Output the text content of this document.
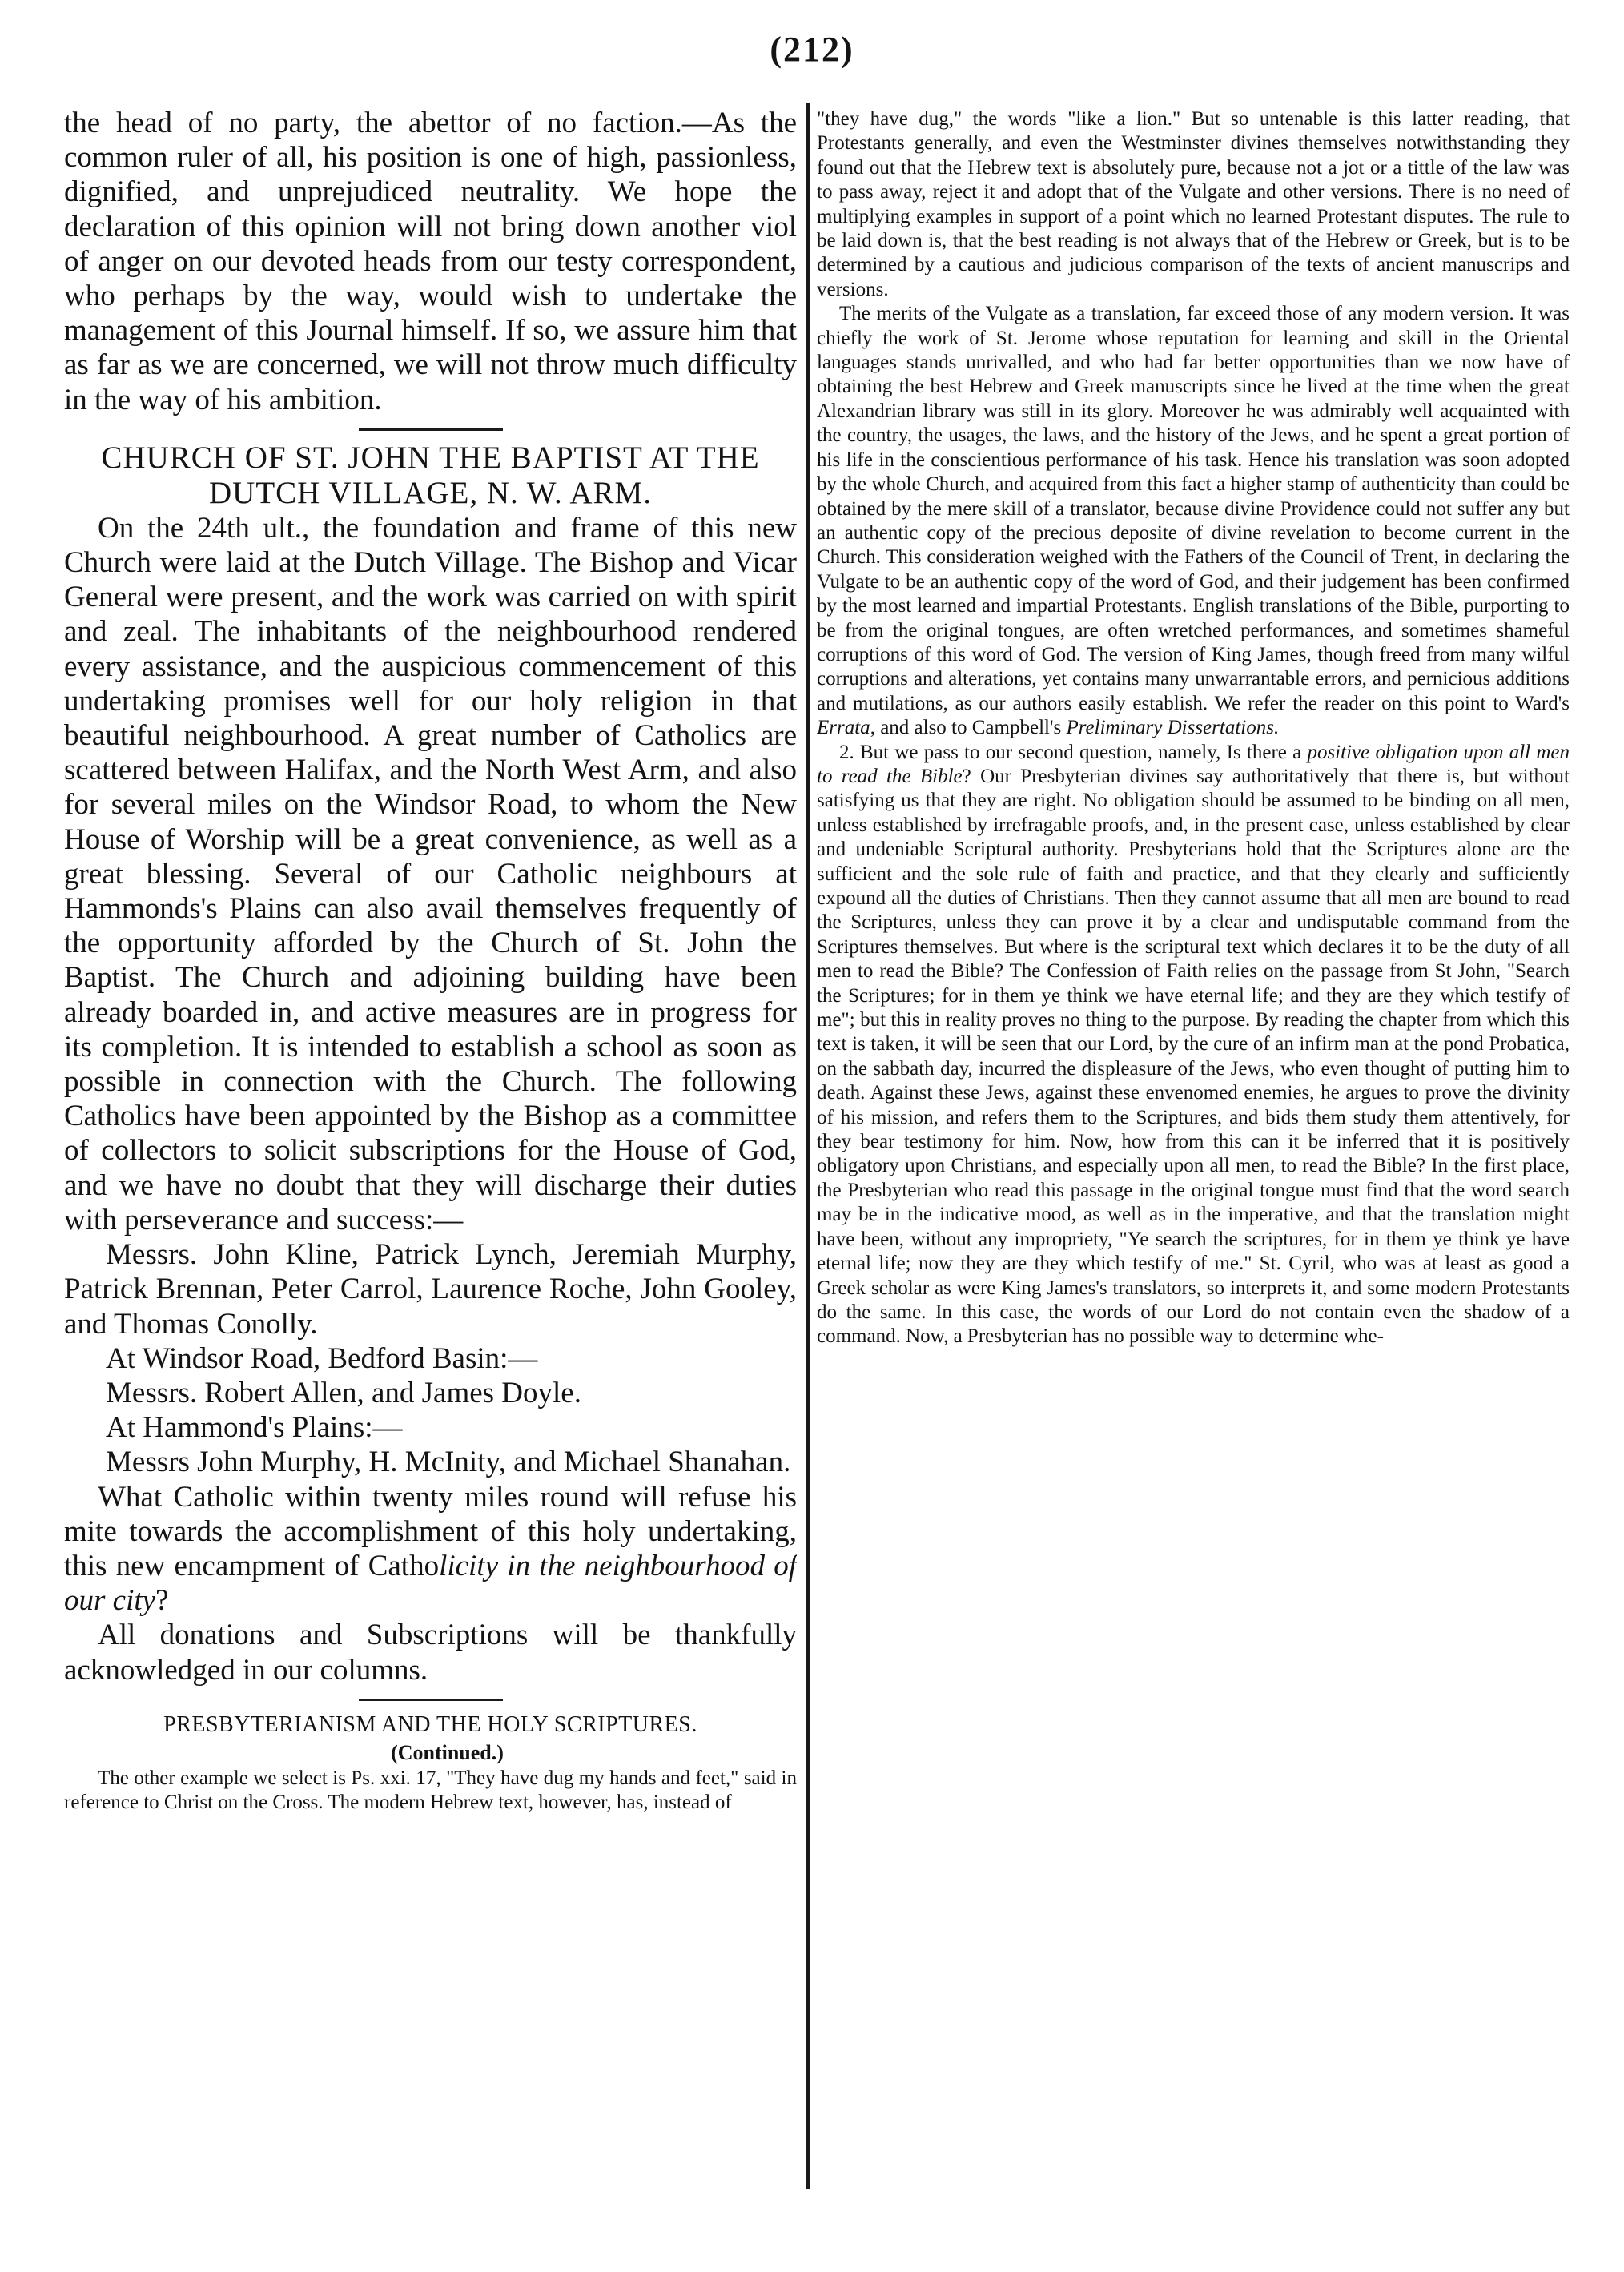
(212)

the head of no party, the abettor of no faction.—As the common ruler of all, his position is one of high, passionless, dignified, and unprejudiced neutrality. We hope the declaration of this opinion will not bring down another viol of anger on our devoted heads from our testy correspondent, who perhaps by the way, would wish to undertake the management of this Journal himself. If so, we assure him that as far as we are concerned, we will not throw much difficulty in the way of his ambition.

CHURCH OF ST. JOHN THE BAPTIST AT THE DUTCH VILLAGE, N. W. ARM.

On the 24th ult., the foundation and frame of this new Church were laid at the Dutch Village. The Bishop and Vicar General were present, and the work was carried on with spirit and zeal. The inhabitants of the neighbourhood rendered every assistance, and the auspicious commencement of this undertaking promises well for our holy religion in that beautiful neighbourhood. A great number of Catholics are scattered between Halifax, and the North West Arm, and also for several miles on the Windsor Road, to whom the New House of Worship will be a great convenience, as well as a great blessing. Several of our Catholic neighbours at Hammonds's Plains can also avail themselves frequently of the opportunity afforded by the Church of St. John the Baptist. The Church and adjoining building have been already boarded in, and active measures are in progress for its completion. It is intended to establish a school as soon as possible in connection with the Church. The following Catholics have been appointed by the Bishop as a committee of collectors to solicit subscriptions for the House of God, and we have no doubt that they will discharge their duties with perseverance and success:—

Messrs. John Kline, Patrick Lynch, Jeremiah Murphy, Patrick Brennan, Peter Carrol, Laurence Roche, John Gooley, and Thomas Conolly.

At Windsor Road, Bedford Basin:—

Messrs. Robert Allen, and James Doyle.

At Hammond's Plains:—

Messrs John Murphy, H. McInity, and Michael Shanahan.

What Catholic within twenty miles round will refuse his mite towards the accomplishment of this holy undertaking, this new encampment of Catholicity in the neighbourhood of our city?

All donations and Subscriptions will be thankfully acknowledged in our columns.

PRESBYTERIANISM AND THE HOLY SCRIPTURES.

(Continued.)

The other example we select is Ps. xxi. 17, "They have dug my hands and feet," said in reference to Christ on the Cross. The modern Hebrew text, however, has, instead of

"they have dug," the words "like a lion." But so untenable is this latter reading, that Protestants generally, and even the Westminster divines themselves notwithstanding they found out that the Hebrew text is absolutely pure, because not a jot or a tittle of the law was to pass away, reject it and adopt that of the Vulgate and other versions. There is no need of multiplying examples in support of a point which no learned Protestant disputes. The rule to be laid down is, that the best reading is not always that of the Hebrew or Greek, but is to be determined by a cautious and judicious comparison of the texts of ancient manuscrips and versions.

The merits of the Vulgate as a translation, far exceed those of any modern version. It was chiefly the work of St. Jerome whose reputation for learning and skill in the Oriental languages stands unrivalled, and who had far better opportunities than we now have of obtaining the best Hebrew and Greek manuscripts since he lived at the time when the great Alexandrian library was still in its glory. Moreover he was admirably well acquainted with the country, the usages, the laws, and the history of the Jews, and he spent a great portion of his life in the conscientious performance of his task. Hence his translation was soon adopted by the whole Church, and acquired from this fact a higher stamp of authenticity than could be obtained by the mere skill of a translator, because divine Providence could not suffer any but an authentic copy of the precious deposite of divine revelation to become current in the Church. This consideration weighed with the Fathers of the Council of Trent, in declaring the Vulgate to be an authentic copy of the word of God, and their judgement has been confirmed by the most learned and impartial Protestants. English translations of the Bible, purporting to be from the original tongues, are often wretched performances, and sometimes shameful corruptions of this word of God. The version of King James, though freed from many wilful corruptions and alterations, yet contains many unwarrantable errors, and pernicious additions and mutilations, as our authors easily establish. We refer the reader on this point to Ward's Errata, and also to Campbell's Preliminary Dissertations.

2. But we pass to our second question, namely, Is there a positive obligation upon all men to read the Bible? Our Presbyterian divines say authoritatively that there is, but without satisfying us that they are right. No obligation should be assumed to be binding on all men, unless established by irrefragable proofs, and, in the present case, unless established by clear and undeniable Scriptural authority. Presbyterians hold that the Scriptures alone are the sufficient and the sole rule of faith and practice, and that they clearly and sufficiently expound all the duties of Christians. Then they cannot assume that all men are bound to read the Scriptures, unless they can prove it by a clear and undisputable command from the Scriptures themselves. But where is the scriptural text which declares it to be the duty of all men to read the Bible? The Confession of Faith relies on the passage from St John, "Search the Scriptures; for in them ye think we have eternal life; and they are they which testify of me"; but this in reality proves no thing to the purpose. By reading the chapter from which this text is taken, it will be seen that our Lord, by the cure of an infirm man at the pond Probatica, on the sabbath day, incurred the displeasure of the Jews, who even thought of putting him to death. Against these Jews, against these envenomed enemies, he argues to prove the divinity of his mission, and refers them to the Scriptures, and bids them study them attentively, for they bear testimony for him. Now, how from this can it be inferred that it is positively obligatory upon Christians, and especially upon all men, to read the Bible? In the first place, the Presbyterian who read this passage in the original tongue must find that the word search may be in the indicative mood, as well as in the imperative, and that the translation might have been, without any impropriety, "Ye search the scriptures, for in them ye think ye have eternal life; now they are they which testify of me." St. Cyril, who was at least as good a Greek scholar as were King James's translators, so interprets it, and some modern Protestants do the same. In this case, the words of our Lord do not contain even the shadow of a command. Now, a Presbyterian has no possible way to determine whe-
